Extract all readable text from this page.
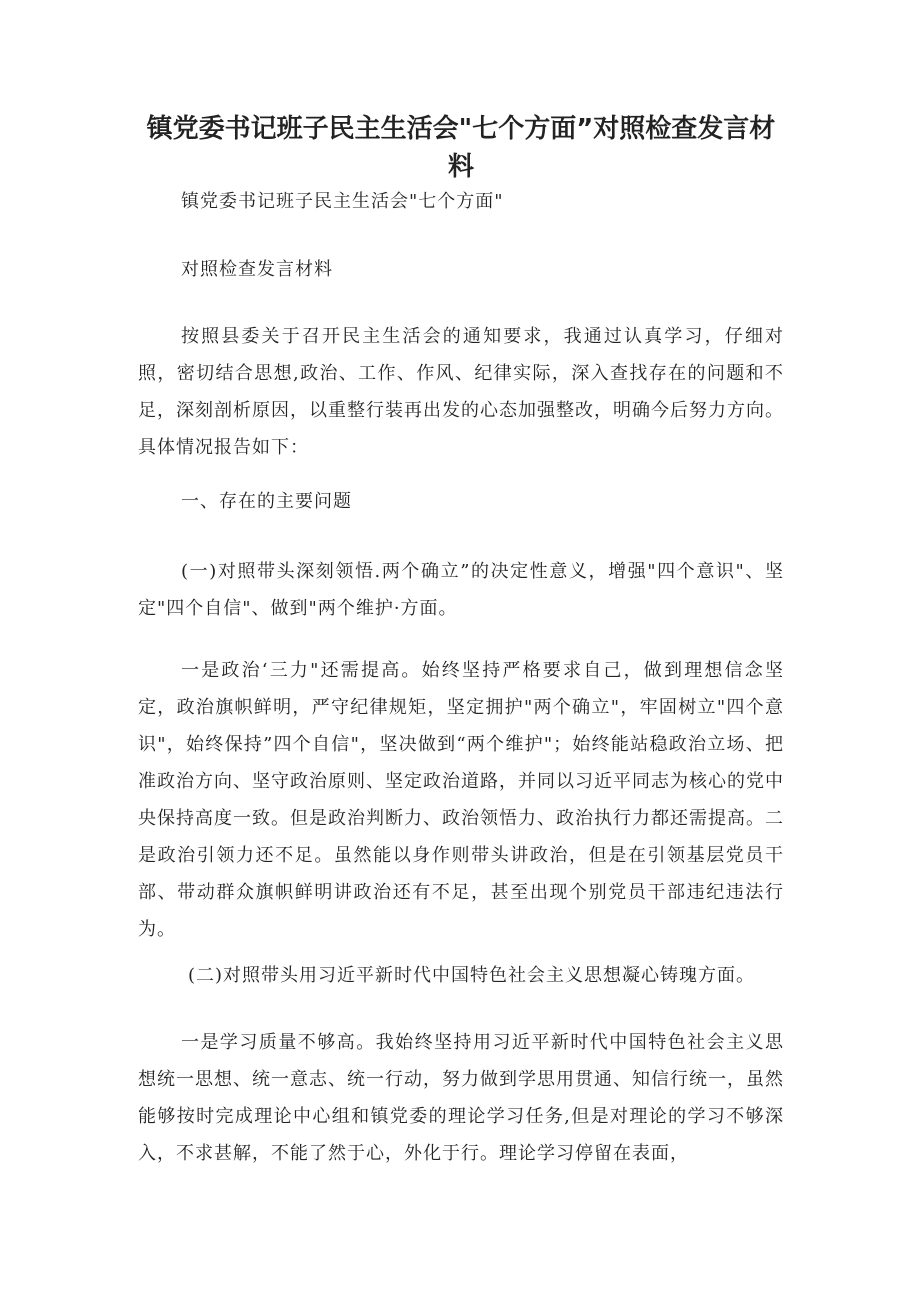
镇党委书记班子民主生活会"七个方面”对照检查发言材料

镇党委书记班子民主生活会"七个方面"

对照检查发言材料

按照县委关于召开民主生活会的通知要求，我通过认真学习，仔细对照，密切结合思想,政治、工作、作风、纪律实际，深入查找存在的问题和不足，深刻剖析原因，以重整行装再出发的心态加强整改，明确今后努力方向。具体情况报告如下：

一、存在的主要问题

(一)对照带头深刻领悟.两个确立”的决定性意义，增强"四个意识"、坚定"四个自信"、做到"两个维护·方面。

一是政治‘三力"还需提高。始终坚持严格要求自己，做到理想信念坚定，政治旗帜鲜明，严守纪律规矩，坚定拥护"两个确立"，牢固树立"四个意识"，始终保持”四个自信"，坚决做到“两个维护"；始终能站稳政治立场、把准政治方向、坚守政治原则、坚定政治道路，并同以习近平同志为核心的党中央保持高度一致。但是政治判断力、政治领悟力、政治执行力都还需提高。二是政治引领力还不足。虽然能以身作则带头讲政治，但是在引领基层党员干部、带动群众旗帜鲜明讲政治还有不足，甚至出现个别党员干部违纪违法行为。

(二)对照带头用习近平新时代中国特色社会主义思想凝心铸瑰方面。

一是学习质量不够高。我始终坚持用习近平新时代中国特色社会主义思想统一思想、统一意志、统一行动，努力做到学思用贯通、知信行统一，虽然能够按时完成理论中心组和镇党委的理论学习任务,但是对理论的学习不够深入，不求甚解，不能了然于心，外化于行。理论学习停留在表面，
